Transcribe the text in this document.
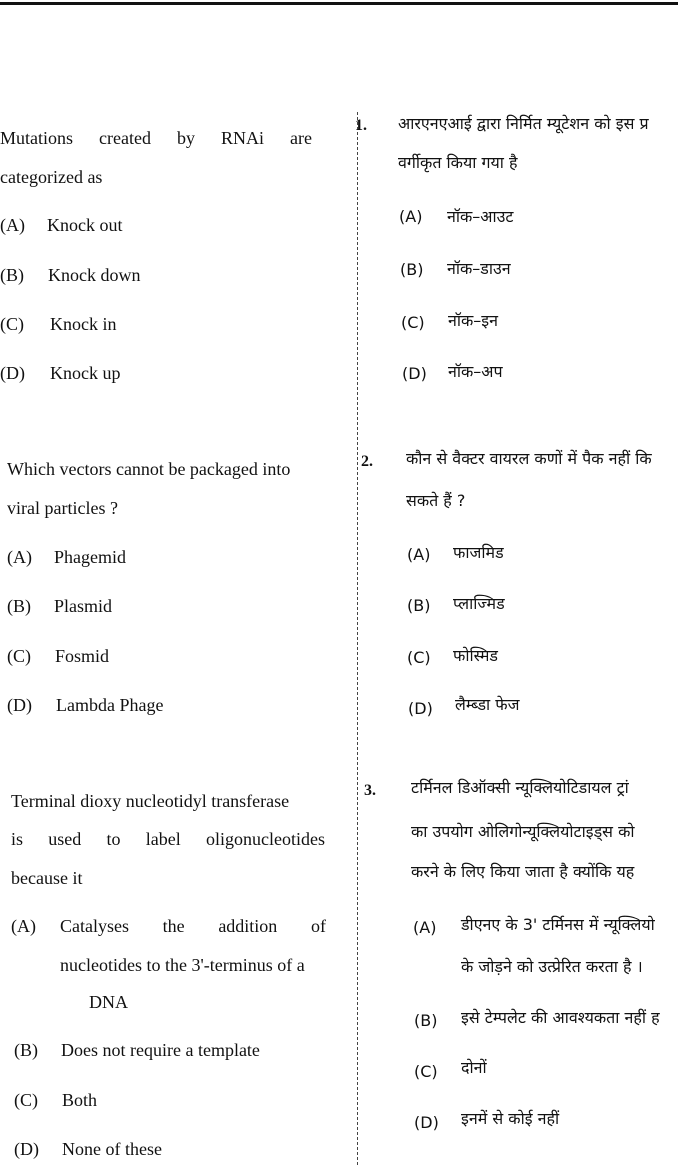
Mutations created by RNAi are
categorized as
(A) Knock out
(B) Knock down
(C) Knock in
(D) Knock up
Which vectors cannot be packaged into
viral particles ?
(A) Phagemid
(B) Plasmid
(C) Fosmid
(D) Lambda Phage
Terminal dioxy nucleotidyl transferase
is used to label oligonucleotides
because it
(A) Catalyses the addition of
nucleotides to the 3'-terminus of a
DNA
(B) Does not require a template
(C) Both
(D) None of these
1. आरएनएआई द्वारा निर्मित म्यूटेशन को इस प्र
वर्गीकृत किया गया है
(A) नॉक–आउट
(B) नॉक–डाउन
(C) नॉक–इन
(D) नॉक–अप
2. कौन से वैक्टर वायरल कणों में पैक नहीं कि
सकते हैं ?
(A) फाजमिड
(B) प्लाज्मिड
(C) फोस्मिड
(D) लैम्ब्डा फेज
3. टर्मिनल डिऑक्सी न्यूक्लियोटिडायल ट्रां
का उपयोग ओलिगोन्यूक्लियोटाइड्स को
करने के लिए किया जाता है क्योंकि यह
(A) डीएनए के 3' टर्मिनस में न्यूक्लियो
के जोड़ने को उत्प्रेरित करता है ।
(B) इसे टेम्पलेट की आवश्यकता नहीं ह
(C) दोनों
(D) इनमें से कोई नहीं
